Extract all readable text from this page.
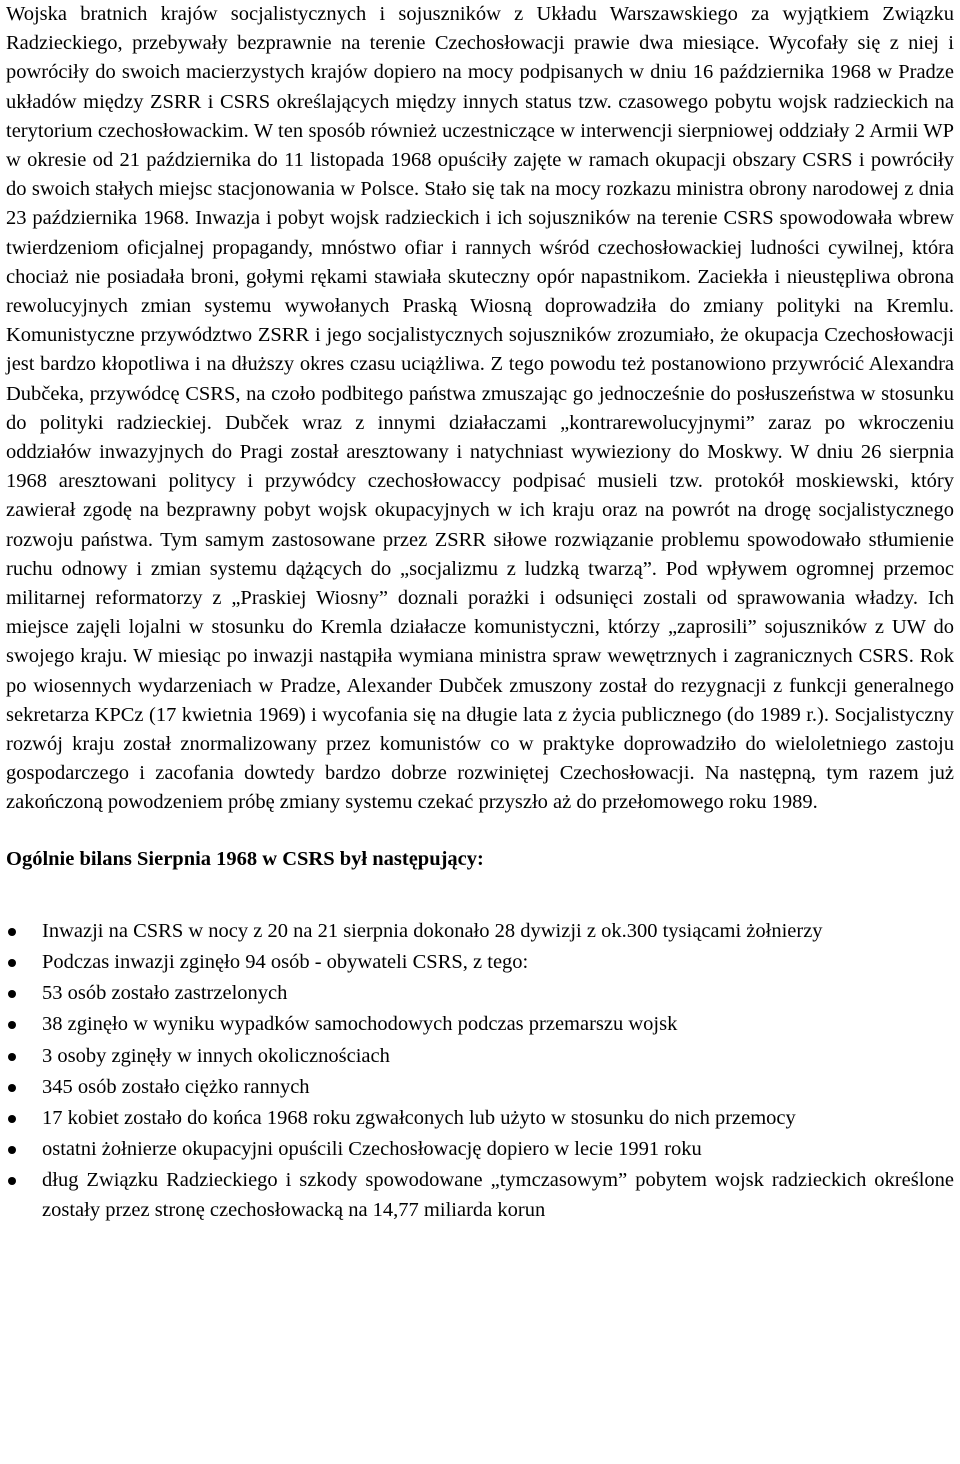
Wojska bratnich krajów socjalistycznych i sojuszników z Układu Warszawskiego za wyjątkiem Związku Radzieckiego, przebywały bezprawnie na terenie Czechosłowacji prawie dwa miesiące. Wycofały się z niej i powróciły do swoich macierzystych krajów dopiero na mocy podpisanych w dniu 16 października 1968 w Pradze układów między ZSRR i CSRS określających między innych status tzw. czasowego pobytu wojsk radzieckich na terytorium czechosłowackim. W ten sposób również uczestniczące w interwencji sierpniowej oddziały 2 Armii WP w okresie od 21 października do 11 listopada 1968 opuściły zajęte w ramach okupacji obszary CSRS i powróciły do swoich stałych miejsc stacjonowania w Polsce. Stało się tak na mocy rozkazu ministra obrony narodowej z dnia 23 października 1968. Inwazja i pobyt wojsk radzieckich i ich sojuszników na terenie CSRS spowodowała wbrew twierdzeniom oficjalnej propagandy, mnóstwo ofiar i rannych wśród czechosłowackiej ludności cywilnej, która chociaż nie posiadała broni, gołymi rękami stawiała skuteczny opór napastnikom. Zaciekła i nieustępliwa obrona rewolucyjnych zmian systemu wywołanych Praską Wiosną doprowadziła do zmiany polityki na Kremlu. Komunistyczne przywództwo ZSRR i jego socjalistycznych sojuszników zrozumiało, że okupacja Czechosłowacji jest bardzo kłopotliwa i na dłuższy okres czasu uciążliwa. Z tego powodu też postanowiono przywrócić Alexandra Dubčeka, przywódcę CSRS, na czoło podbitego państwa zmuszając go jednocześnie do posłuszeństwa w stosunku do polityki radzieckiej. Dubček wraz z innymi działaczami „kontrarewolucyjnymi” zaraz po wkroczeniu oddziałów inwazyjnych do Pragi został aresztowany i natychniast wywieziony do Moskwy. W dniu 26 sierpnia 1968 aresztowani politycy i przywódcy czechosłowaccy podpisać musieli tzw. protokół moskiewski, który zawierał zgodę na bezprawny pobyt wojsk okupacyjnych w ich kraju oraz na powrót na drogę socjalistycznego rozwoju państwa. Tym samym zastosowane przez ZSRR siłowe rozwiązanie problemu spowodowało stłumienie ruchu odnowy i zmian systemu dążących do „socjalizmu z ludzką twarzą”. Pod wpływem ogromnej przemoc militarnej reformatorzy z „Praskiej Wiosny” doznali porażki i odsunięci zostali od sprawowania władzy. Ich miejsce zajęli lojalni w stosunku do Kremla działacze komunistyczni, którzy „zaprosili” sojuszników z UW do swojego kraju. W miesiąc po inwazji nastąpiła wymiana ministra spraw wewętrznych i zagranicznych CSRS. Rok po wiosennych wydarzeniach w Pradze, Alexander Dubček zmuszony został do rezygnacji z funkcji generalnego sekretarza KPCz (17 kwietnia 1969) i wycofania się na długie lata z życia publicznego (do 1989 r.). Socjalistyczny rozwój kraju został znormalizowany przez komunistów co w praktyke doprowadziło do wieloletniego zastoju gospodarczego i zacofania dowtedy bardzo dobrze rozwiniętej Czechosłowacji. Na następną, tym razem już zakończoną powodzeniem próbę zmiany systemu czekać przyszło aż do przełomowego roku 1989.

Ogólnie bilans Sierpnia 1968 w CSRS był następujący:
Inwazji na CSRS w nocy z 20 na 21 sierpnia dokonało 28 dywizji z ok.300 tysiącami żołnierzy
Podczas inwazji zginęło 94 osób - obywateli CSRS, z tego:
53 osób zostało zastrzelonych
38 zginęło w wyniku wypadków samochodowych podczas przemarszu wojsk
3 osoby zginęły w innych okolicznościach
345 osób zostało ciężko rannych
17 kobiet zostało do końca 1968 roku zgwałconych lub użyto w stosunku do nich przemocy
ostatni żołnierze okupacyjni opuścili Czechosłowację dopiero w lecie 1991 roku
dług Związku Radzieckiego i szkody spowodowane „tymczasowym” pobytem wojsk radzieckich określone zostały przez stronę czechosłowacką na 14,77 miliarda korun
